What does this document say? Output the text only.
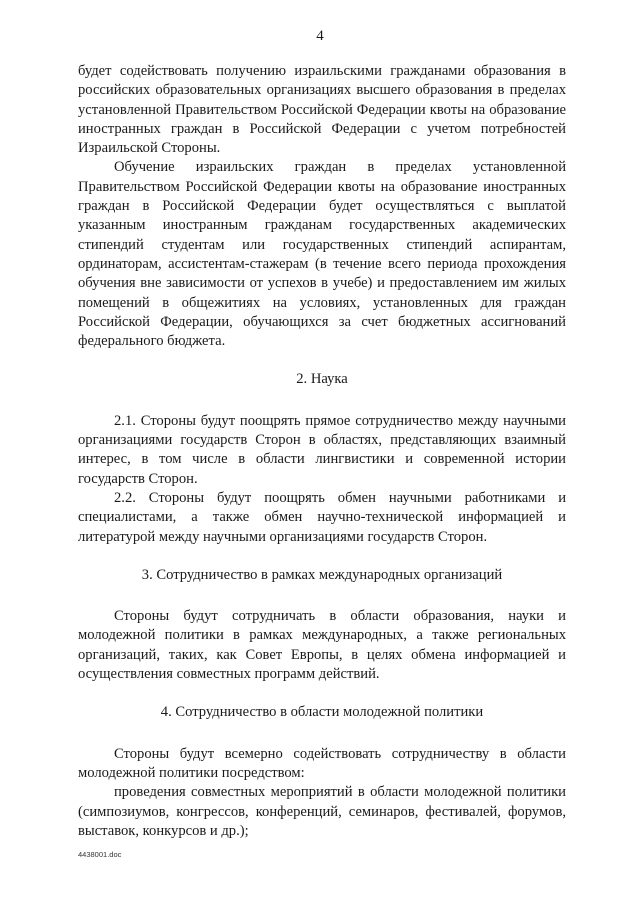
4

будет содействовать получению израильскими гражданами образования в российских образовательных организациях высшего образования в пределах установленной Правительством Российской Федерации квоты на образование иностранных граждан в Российской Федерации с учетом потребностей Израильской Стороны.

Обучение израильских граждан в пределах установленной Правительством Российской Федерации квоты на образование иностранных граждан в Российской Федерации будет осуществляться с выплатой указанным иностранным гражданам государственных академических стипендий студентам или государственных стипендий аспирантам, ординаторам, ассистентам-стажерам (в течение всего периода прохождения обучения вне зависимости от успехов в учебе) и предоставлением им жилых помещений в общежитиях на условиях, установленных для граждан Российской Федерации, обучающихся за счет бюджетных ассигнований федерального бюджета.

2. Наука

2.1. Стороны будут поощрять прямое сотрудничество между научными организациями государств Сторон в областях, представляющих взаимный интерес, в том числе в области лингвистики и современной истории государств Сторон.

2.2. Стороны будут поощрять обмен научными работниками и специалистами, а также обмен научно-технической информацией и литературой между научными организациями государств Сторон.

3. Сотрудничество в рамках международных организаций

Стороны будут сотрудничать в области образования, науки и молодежной политики в рамках международных, а также региональных организаций, таких, как Совет Европы, в целях обмена информацией и осуществления совместных программ действий.

4. Сотрудничество в области молодежной политики

Стороны будут всемерно содействовать сотрудничеству в области молодежной политики посредством:

проведения совместных мероприятий в области молодежной политики (симпозиумов, конгрессов, конференций, семинаров, фестивалей, форумов, выставок, конкурсов и др.);

4438001.doc
